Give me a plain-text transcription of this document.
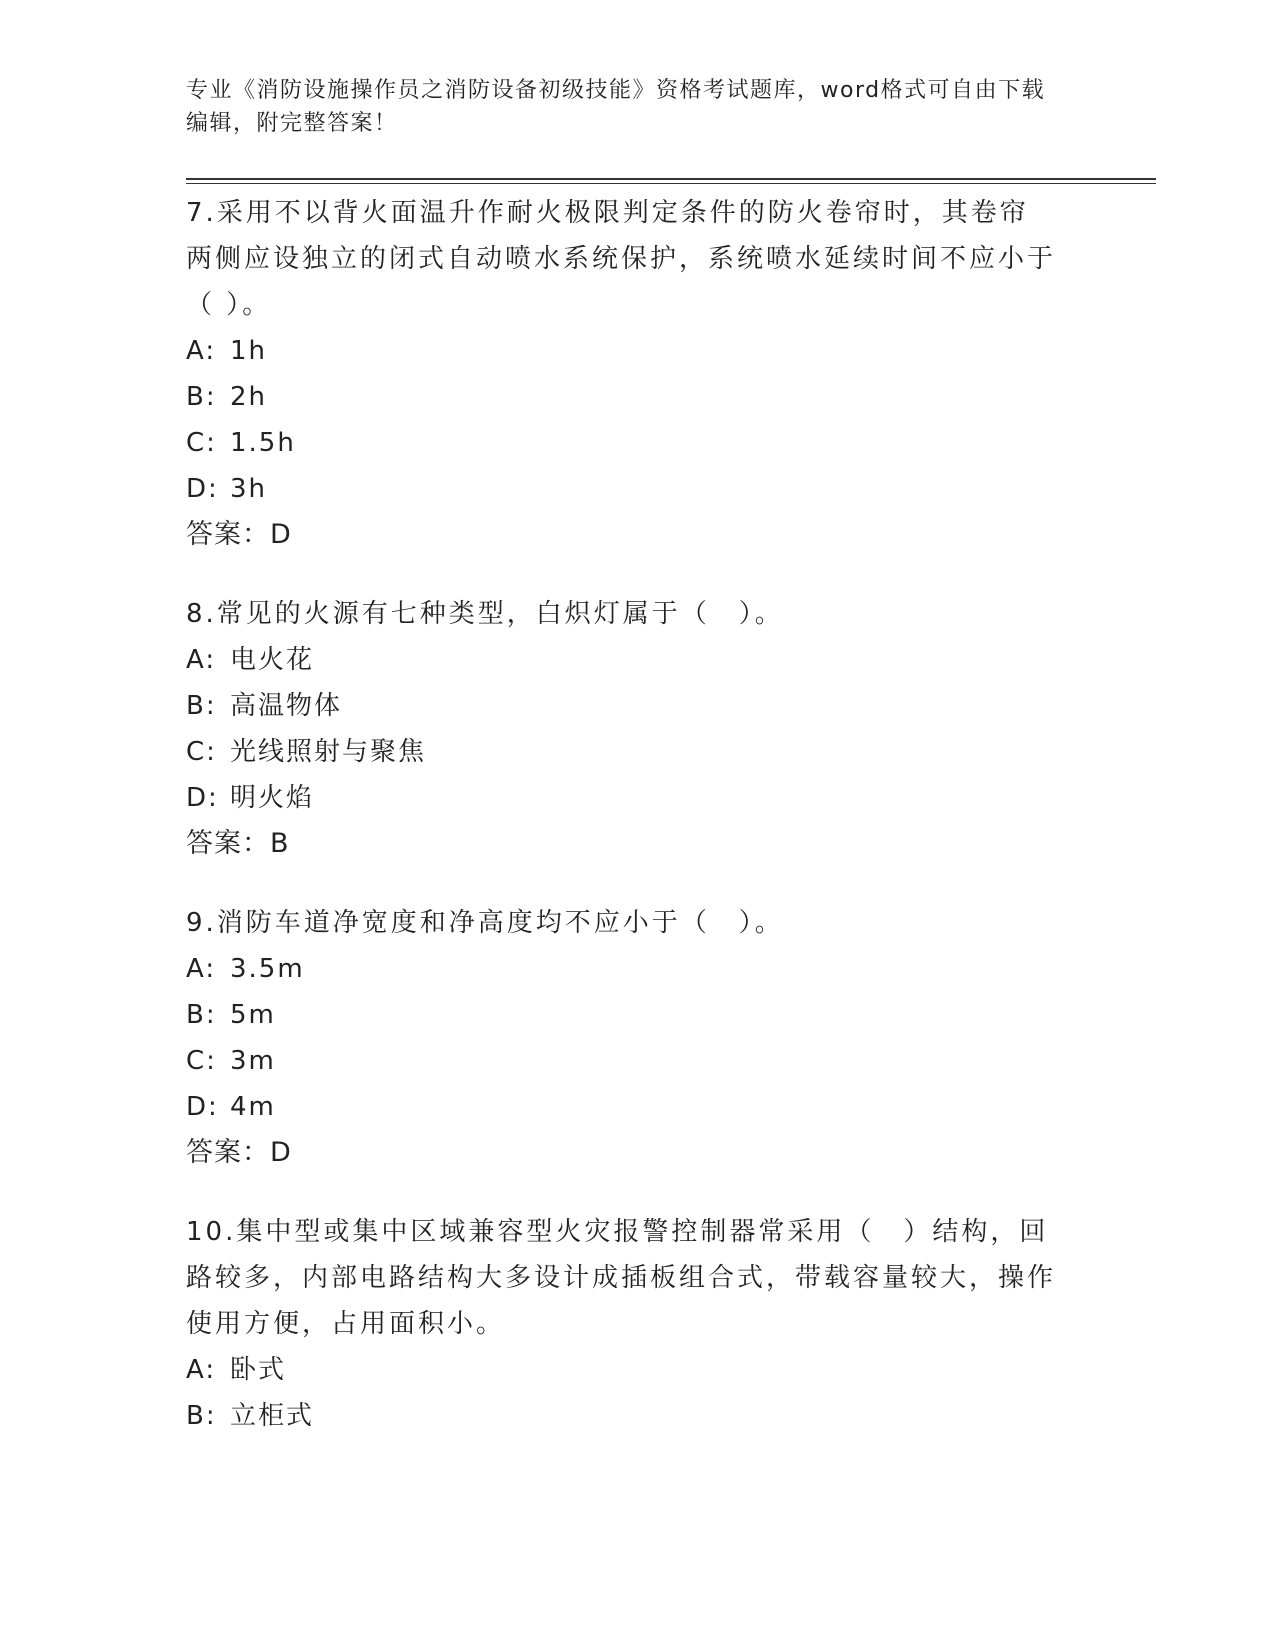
专业《消防设施操作员之消防设备初级技能》资格考试题库，word格式可自由下载编辑，附完整答案！
7.采用不以背火面温升作耐火极限判定条件的防火卷帘时，其卷帘两侧应设独立的闭式自动喷水系统保护，系统喷水延续时间不应小于（ ）。
A: 1h
B: 2h
C: 1.5h
D: 3h
答案：D
8.常见的火源有七种类型，白炽灯属于（　）。
A: 电火花
B: 高温物体
C: 光线照射与聚焦
D: 明火焰
答案：B
9.消防车道净宽度和净高度均不应小于（　）。
A: 3.5m
B: 5m
C: 3m
D: 4m
答案：D
10.集中型或集中区域兼容型火灾报警控制器常采用（　）结构，回路较多，内部电路结构大多设计成插板组合式，带载容量较大，操作使用方便，占用面积小。
A: 卧式
B: 立柜式
